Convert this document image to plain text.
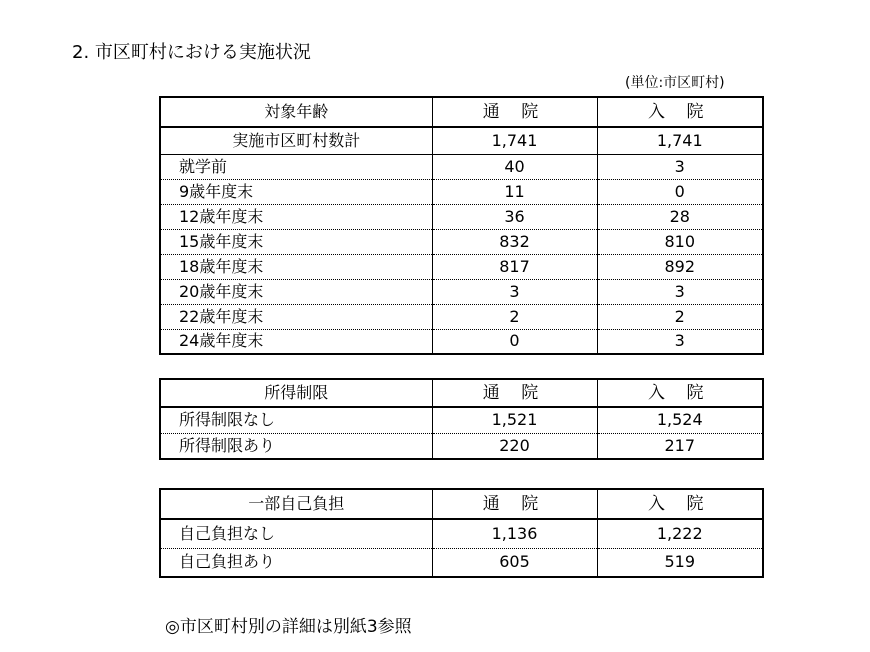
2. 市区町村における実施状況
(単位:市区町村)
対象年齢	通 院	入 院
実施市区町村数計	1,741	1,741
就学前	40	3
9歳年度末	11	0
12歳年度末	36	28
15歳年度末	832	810
18歳年度末	817	892
20歳年度末	3	3
22歳年度末	2	2
24歳年度末	0	3
所得制限	通 院	入 院
所得制限なし	1,521	1,524
所得制限あり	220	217
一部自己負担	通 院	入 院
自己負担なし	1,136	1,222
自己負担あり	605	519
◎市区町村別の詳細は別紙3参照
